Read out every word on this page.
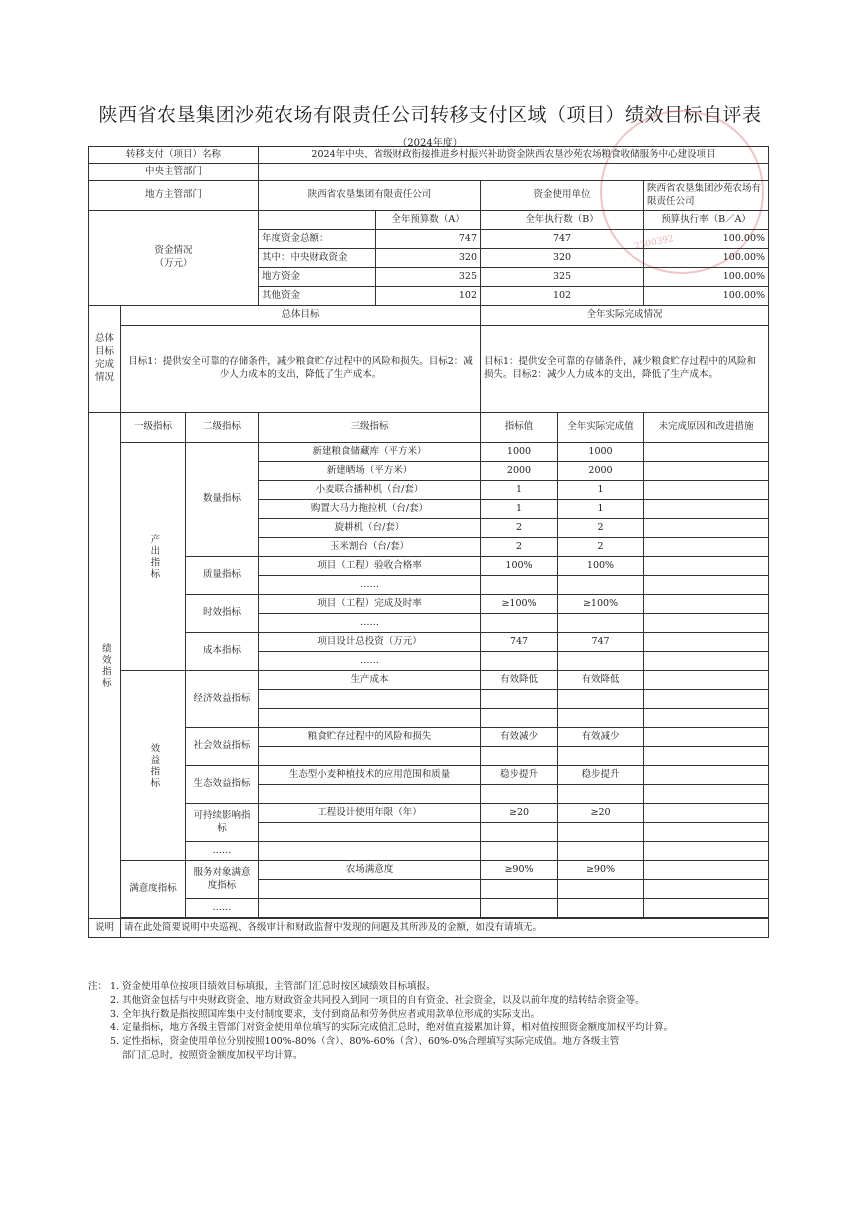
陕西省农垦集团沙苑农场有限责任公司转移支付区域（项目）绩效目标自评表
（2024年度）
2300392
转移支付（项目）名称			2024年中央、省级财政衔接推进乡村振兴补助资金陕西农垦沙苑农场粮食收储服务中心建设项目				
中央主管部门							
地方主管部门			陕西省农垦集团有限责任公司		资金使用单位		陕西省农垦集团沙苑农场有限责任公司

资金情况
（万元）				全年预算数（A）	全年执行数（B）		预算执行率（B／A）
			年度资金总额：	747	747		100.00%
			其中：中央财政资金	320	320		100.00%
			地方资金	325	325		100.00%
			其他资金	102	102		100.00%

总体目标完成情况	总体目标				全年实际完成情况		
	目标1：提供安全可靠的存储条件，减少粮食贮存过程中的风险和损失。目标2：减少人力成本的支出，降低了生产成本。				目标1：提供安全可靠的存储条件，减少粮食贮存过程中的风险和损失。目标2：减少人力成本的支出，降低了生产成本。		

绩效指标	一级指标	二级指标	三级指标		指标值	全年实际完成值	未完成原因和改进措施

	产出指标	数量指标	新建粮食储藏库（平方米）		1000	1000	
			新建晒场（平方米）		2000	2000	
			小麦联合播种机（台/套）		1	1	
			购置大马力拖拉机（台/套）		1	1	
			旋耕机（台/套）		2	2	
			玉米割台（台/套）		2	2	
		质量指标	项目（工程）验收合格率		100%	100%	
			……				
		时效指标	项目（工程）完成及时率		≥100%	≥100%	
			……				
		成本指标	项目设计总投资（万元）		747	747	
			……				

	效益指标	经济效益指标	生产成本		有效降低	有效降低	

		社会效益指标	粮食贮存过程中的风险和损失		有效减少	有效减少	

		生态效益指标	生态型小麦种植技术的应用范围和质量		稳步提升	稳步提升	

		可持续影响指标	工程设计使用年限（年）		≥20	≥20	

		……					
	满意度指标	服务对象满意度指标	农场满意度		≥90%	≥90%	

		……					

说明	请在此处简要说明中央巡视、各级审计和财政监督中发现的问题及其所涉及的金额，如没有请填无。						
注： 1. 资金使用单位按项目绩效目标填报，主管部门汇总时按区域绩效目标填报。
2. 其他资金包括与中央财政资金、地方财政资金共同投入到同一项目的自有资金、社会资金，以及以前年度的结转结余资金等。
3. 全年执行数是指按照国库集中支付制度要求，支付到商品和劳务供应者或用款单位形成的实际支出。
4. 定量指标，地方各级主管部门对资金使用单位填写的实际完成值汇总时，绝对值直接累加计算，相对值按照资金额度加权平均计算。
5. 定性指标，资金使用单位分别按照100%-80%（含）、80%-60%（含）、60%-0%合理填写实际完成值。地方各级主管
部门汇总时，按照资金额度加权平均计算。
